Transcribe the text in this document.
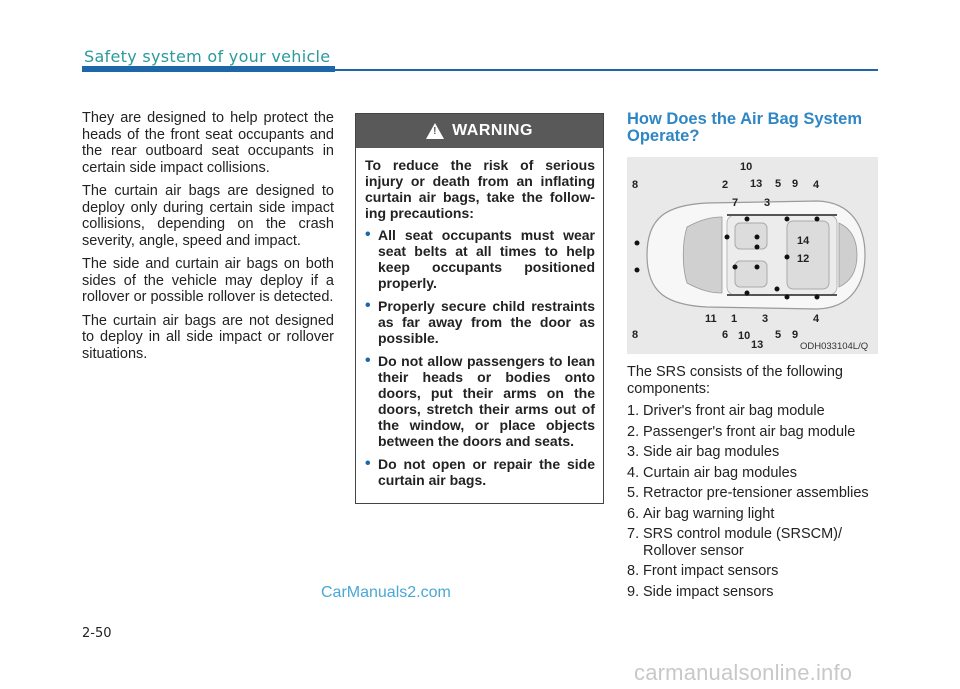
Safety system of your vehicle

They are designed to help protect the heads of the front seat occupants and the rear outboard seat occupants in certain side impact collisions.

The curtain air bags are designed to deploy only during certain side impact collisions, depending on the crash severity, angle, speed and impact.

The side and curtain air bags on both sides of the vehicle may deploy if a rollover or possible rollover is detected.

The curtain air bags are not designed to deploy in all side impact or rollover situations.

!
WARNING

To reduce the risk of serious injury or death from an inflating curtain air bags, take the follow-ing precautions:

• All seat occupants must wear seat belts at all times to help keep occupants positioned properly.
• Properly secure child restraints as far away from the door as possible.
• Do not allow passengers to lean their heads or bodies onto doors, put their arms on the doors, stretch their arms out of the window, or place objects between the doors and seats.
• Do not open or repair the side curtain air bags.
How Does the Air Bag System Operate?
8	2
10
13 5 9 4
7 3
14
12
8
11
6
1
10
13
3
5 9
4
ODH033104L/Q

The SRS consists of the following components:

1. Driver's front air bag module
2. Passenger's front air bag module
3. Side air bag modules
4. Curtain air bag modules
5. Retractor pre-tensioner assemblies
6. Air bag warning light
7. SRS control module (SRSCM)/ Rollover sensor
8. Front impact sensors
9. Side impact sensors
CarManuals2.com
2-50
carmanualsonline.info
